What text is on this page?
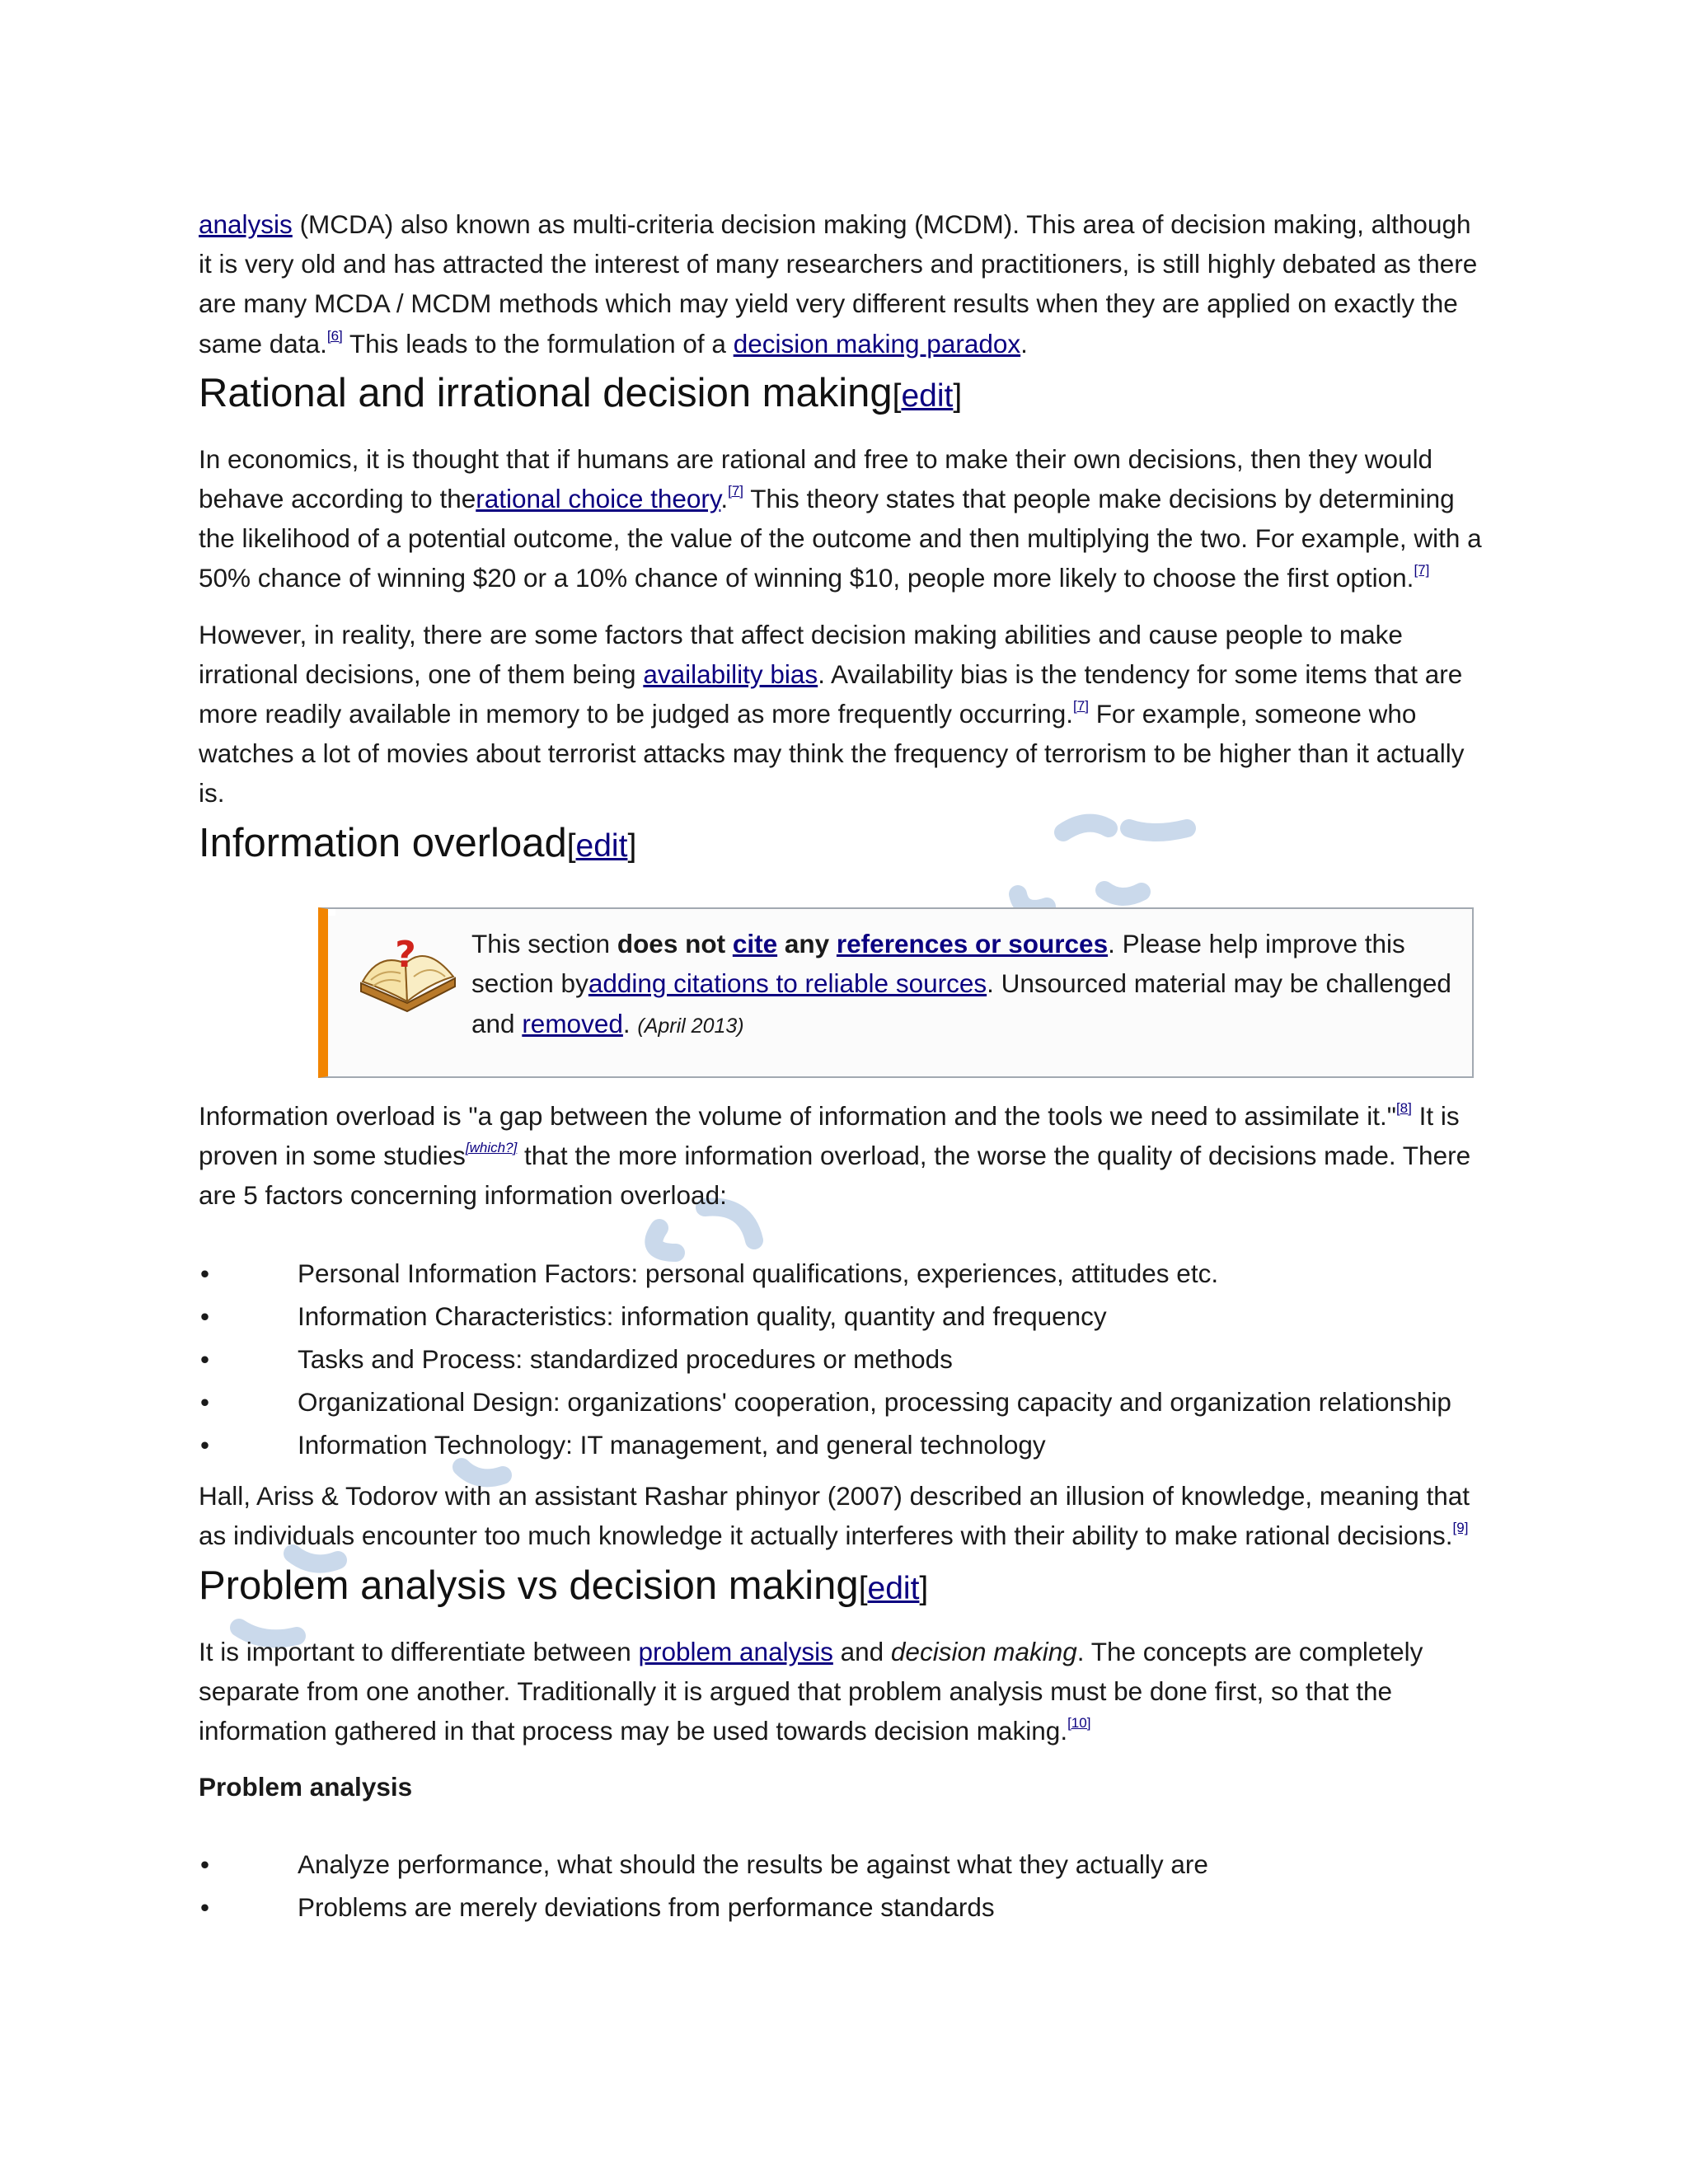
analysis (MCDA) also known as multi-criteria decision making (MCDM). This area of decision making, although it is very old and has attracted the interest of many researchers and practitioners, is still highly debated as there are many MCDA / MCDM methods which may yield very different results when they are applied on exactly the same data.[6] This leads to the formulation of a decision making paradox.

Rational and irrational decision making[edit]

In economics, it is thought that if humans are rational and free to make their own decisions, then they would behave according to therational choice theory.[7] This theory states that people make decisions by determining the likelihood of a potential outcome, the value of the outcome and then multiplying the two. For example, with a 50% chance of winning $20 or a 10% chance of winning $10, people more likely to choose the first option.[7]

However, in reality, there are some factors that affect decision making abilities and cause people to make irrational decisions, one of them being availability bias. Availability bias is the tendency for some items that are more readily available in memory to be judged as more frequently occurring.[7] For example, someone who watches a lot of movies about terrorist attacks may think the frequency of terrorism to be higher than it actually is.

Information overload[edit]
? This section does not cite any references or sources. Please help improve this section byadding citations to reliable sources. Unsourced material may be challenged and removed. (April 2013)

Information overload is "a gap between the volume of information and the tools we need to assimilate it."[8] It is proven in some studies[which?] that the more information overload, the worse the quality of decisions made. There are 5 factors concerning information overload:

•	Personal Information Factors: personal qualifications, experiences, attitudes etc.
•	Information Characteristics: information quality, quantity and frequency
•	Tasks and Process: standardized procedures or methods
•	Organizational Design: organizations' cooperation, processing capacity and organization relationship
•	Information Technology: IT management, and general technology

Hall, Ariss & Todorov with an assistant Rashar phinyor (2007) described an illusion of knowledge, meaning that as individuals encounter too much knowledge it actually interferes with their ability to make rational decisions.[9]

Problem analysis vs decision making[edit]

It is important to differentiate between problem analysis and decision making. The concepts are completely separate from one another. Traditionally it is argued that problem analysis must be done first, so that the information gathered in that process may be used towards decision making.[10]

Problem analysis

•	Analyze performance, what should the results be against what they actually are
•	Problems are merely deviations from performance standards
